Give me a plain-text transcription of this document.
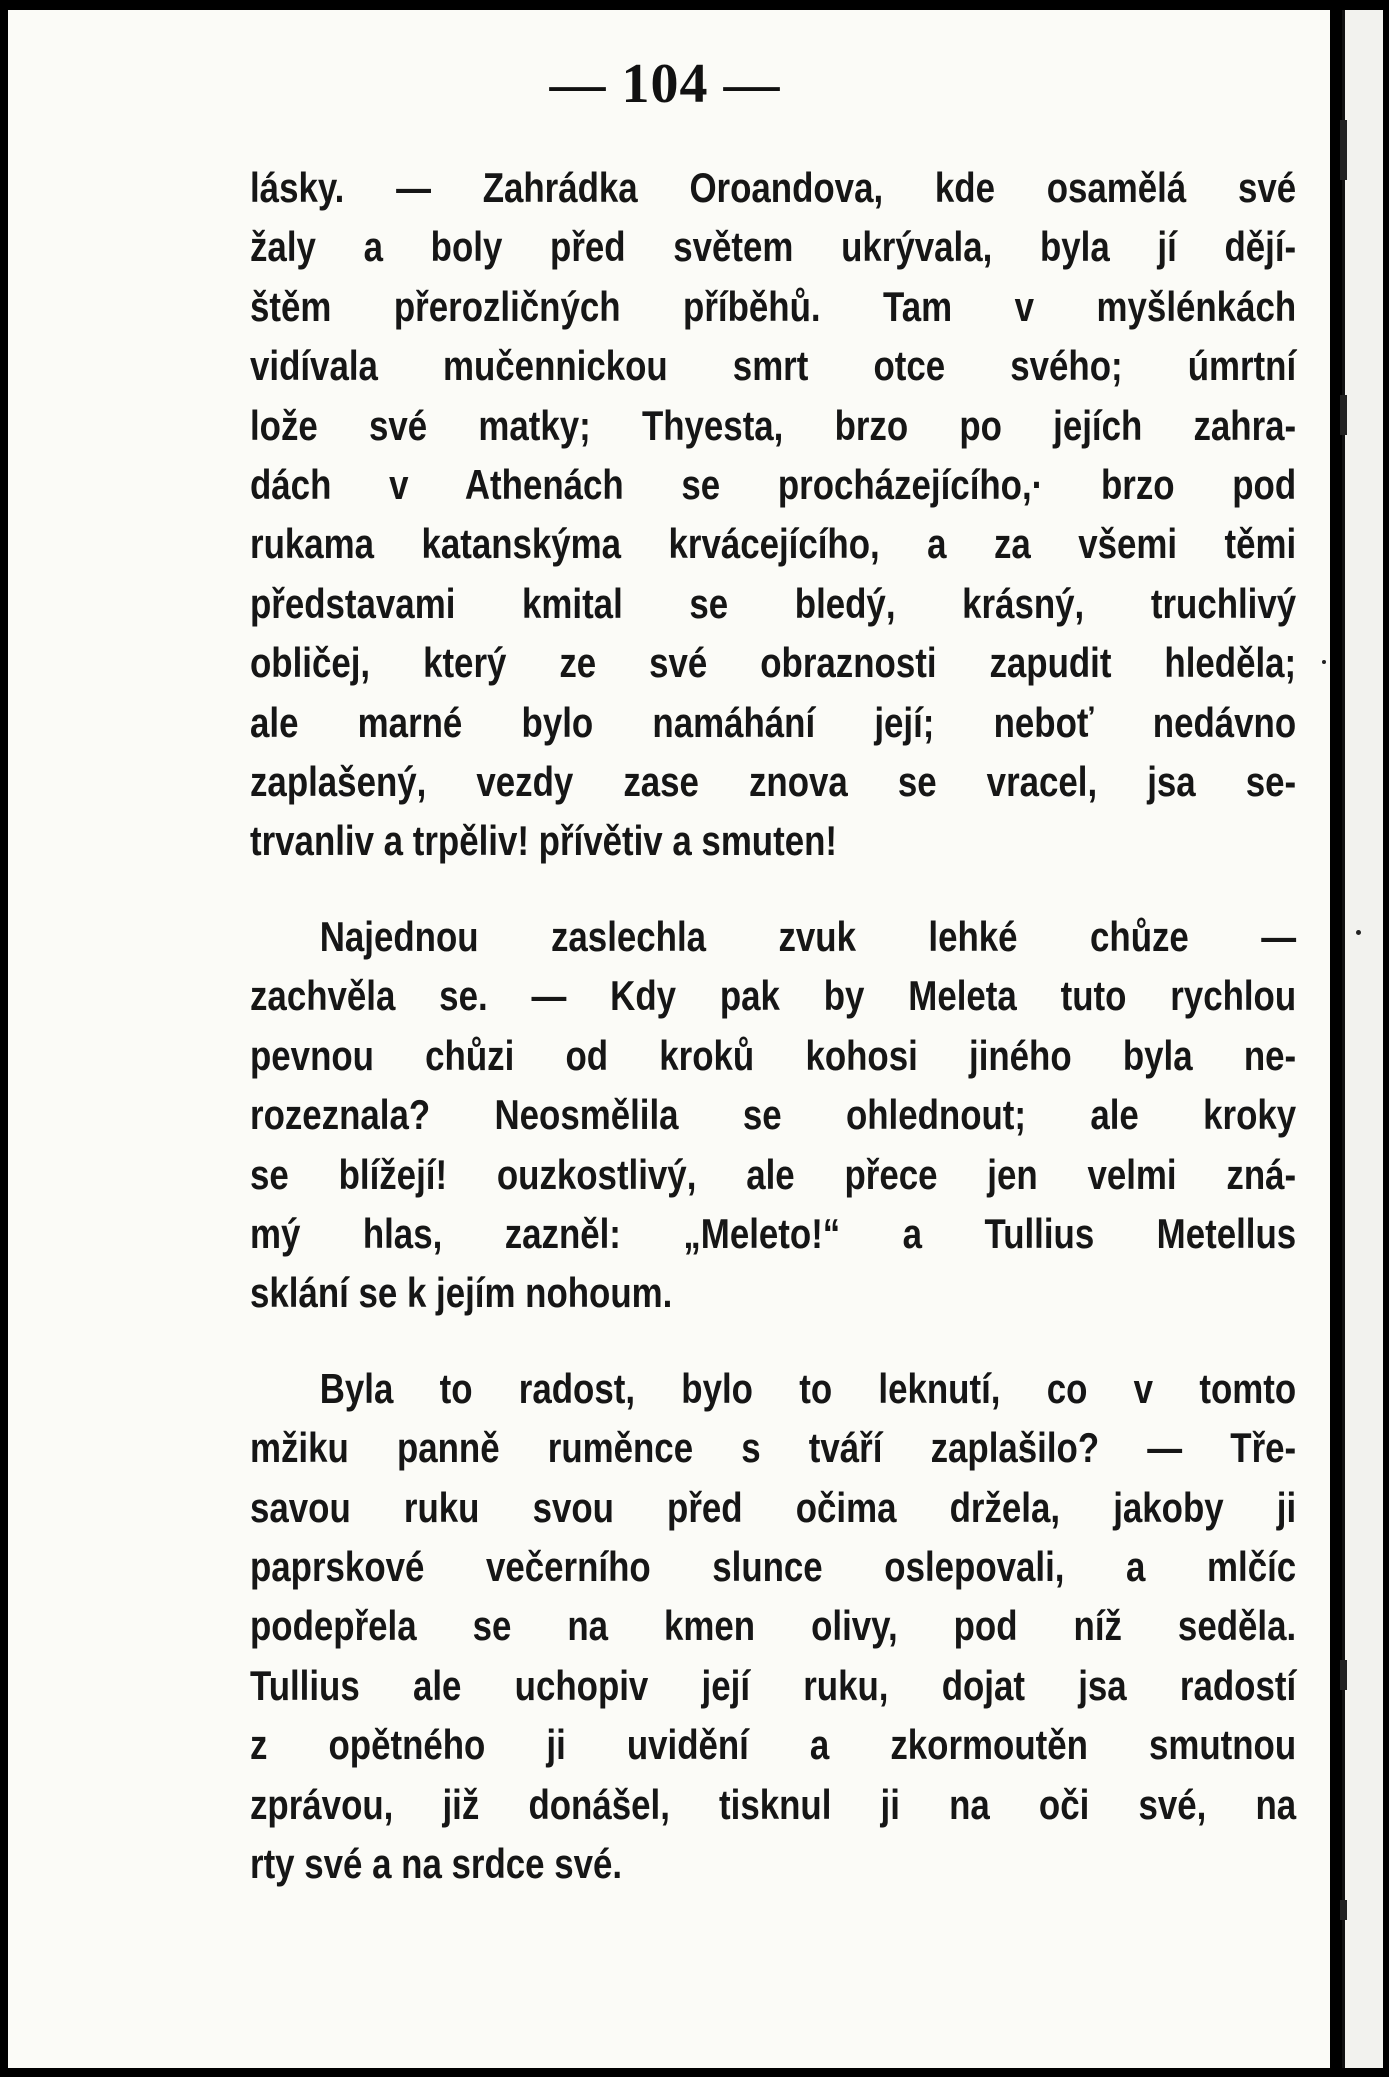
— 104 —
lásky. — Zahrádka Oroandova, kde osamělá své
žaly a boly před světem ukrývala, byla jí dějí-
štěm přerozličných příběhů. Tam v myšlénkách
vidívala mučennickou smrt otce svého; úmrtní
lože své matky; Thyesta, brzo po jejích zahra-
dách v Athenách se procházejícího,· brzo pod
rukama katanskýma krvácejícího, a za všemi těmi
představami kmital se bledý, krásný, truchlivý
obličej, který ze své obraznosti zapudit hleděla;
ale marné bylo namáhání její; neboť nedávno
zaplašený, vezdy zase znova se vracel, jsa se-
trvanliv a trpěliv! přívětiv a smuten!
Najednou zaslechla zvuk lehké chůze —
zachvěla se. — Kdy pak by Meleta tuto rychlou
pevnou chůzi od kroků kohosi jiného byla ne-
rozeznala? Neosmělila se ohlednout; ale kroky
se blížejí! ouzkostlivý, ale přece jen velmi zná-
mý hlas, zazněl: „Meleto!“ a Tullius Metellus
sklání se k jejím nohoum.
Byla to radost, bylo to leknutí, co v tomto
mžiku panně ruměnce s tváří zaplašilo? — Tře-
savou ruku svou před očima držela, jakoby ji
paprskové večerního slunce oslepovali, a mlčíc
podepřela se na kmen olivy, pod níž seděla.
Tullius ale uchopiv její ruku, dojat jsa radostí
z opětného ji uvidění a zkormoutěn smutnou
zprávou, již donášel, tisknul ji na oči své, na
rty své a na srdce své.
